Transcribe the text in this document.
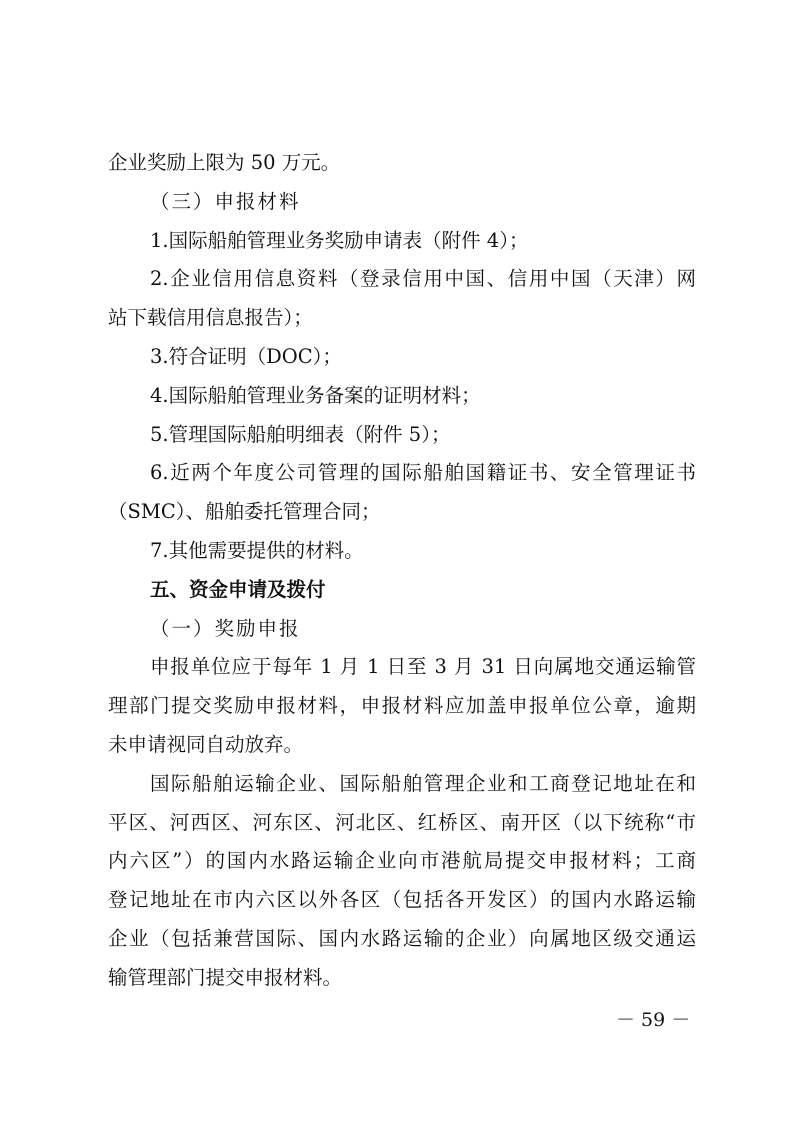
企业奖励上限为 50 万元。
（三）申报材料
1.国际船舶管理业务奖励申请表（附件 4）；
2.企业信用信息资料（登录信用中国、信用中国（天津）网
站下载信用信息报告）；
3.符合证明（DOC）；
4.国际船舶管理业务备案的证明材料；
5.管理国际船舶明细表（附件 5）；
6.近两个年度公司管理的国际船舶国籍证书、安全管理证书
（SMC）、船舶委托管理合同；
7.其他需要提供的材料。
五、资金申请及拨付
（一）奖励申报
申报单位应于每年 1 月 1 日至 3 月 31 日向属地交通运输管
理部门提交奖励申报材料，申报材料应加盖申报单位公章，逾期
未申请视同自动放弃。
国际船舶运输企业、国际船舶管理企业和工商登记地址在和
平区、河西区、河东区、河北区、红桥区、南开区（以下统称“市
内六区”）的国内水路运输企业向市港航局提交申报材料；工商
登记地址在市内六区以外各区（包括各开发区）的国内水路运输
企业（包括兼营国际、国内水路运输的企业）向属地区级交通运
输管理部门提交申报材料。
－ 59 －
